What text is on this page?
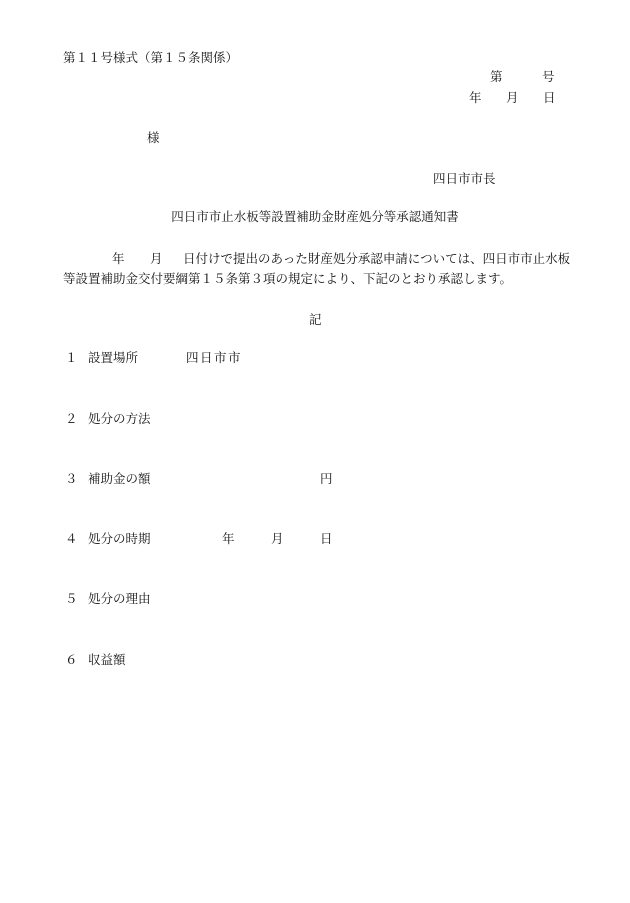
第１１号様式（第１５条関係）
第	号
年 月 日
様
四日市市長
四日市市止水板等設置補助金財産処分等承認通知書
年 月 日付けで提出のあった財産処分承認申請については、四日市市止水板
等設置補助金交付要綱第１５条第３項の規定により、下記のとおり承認します。
記
１ 設置場所	四日市市
２ 処分の方法
３ 補助金の額	円
４ 処分の時期	年	月	日
５ 処分の理由
６ 収益額
